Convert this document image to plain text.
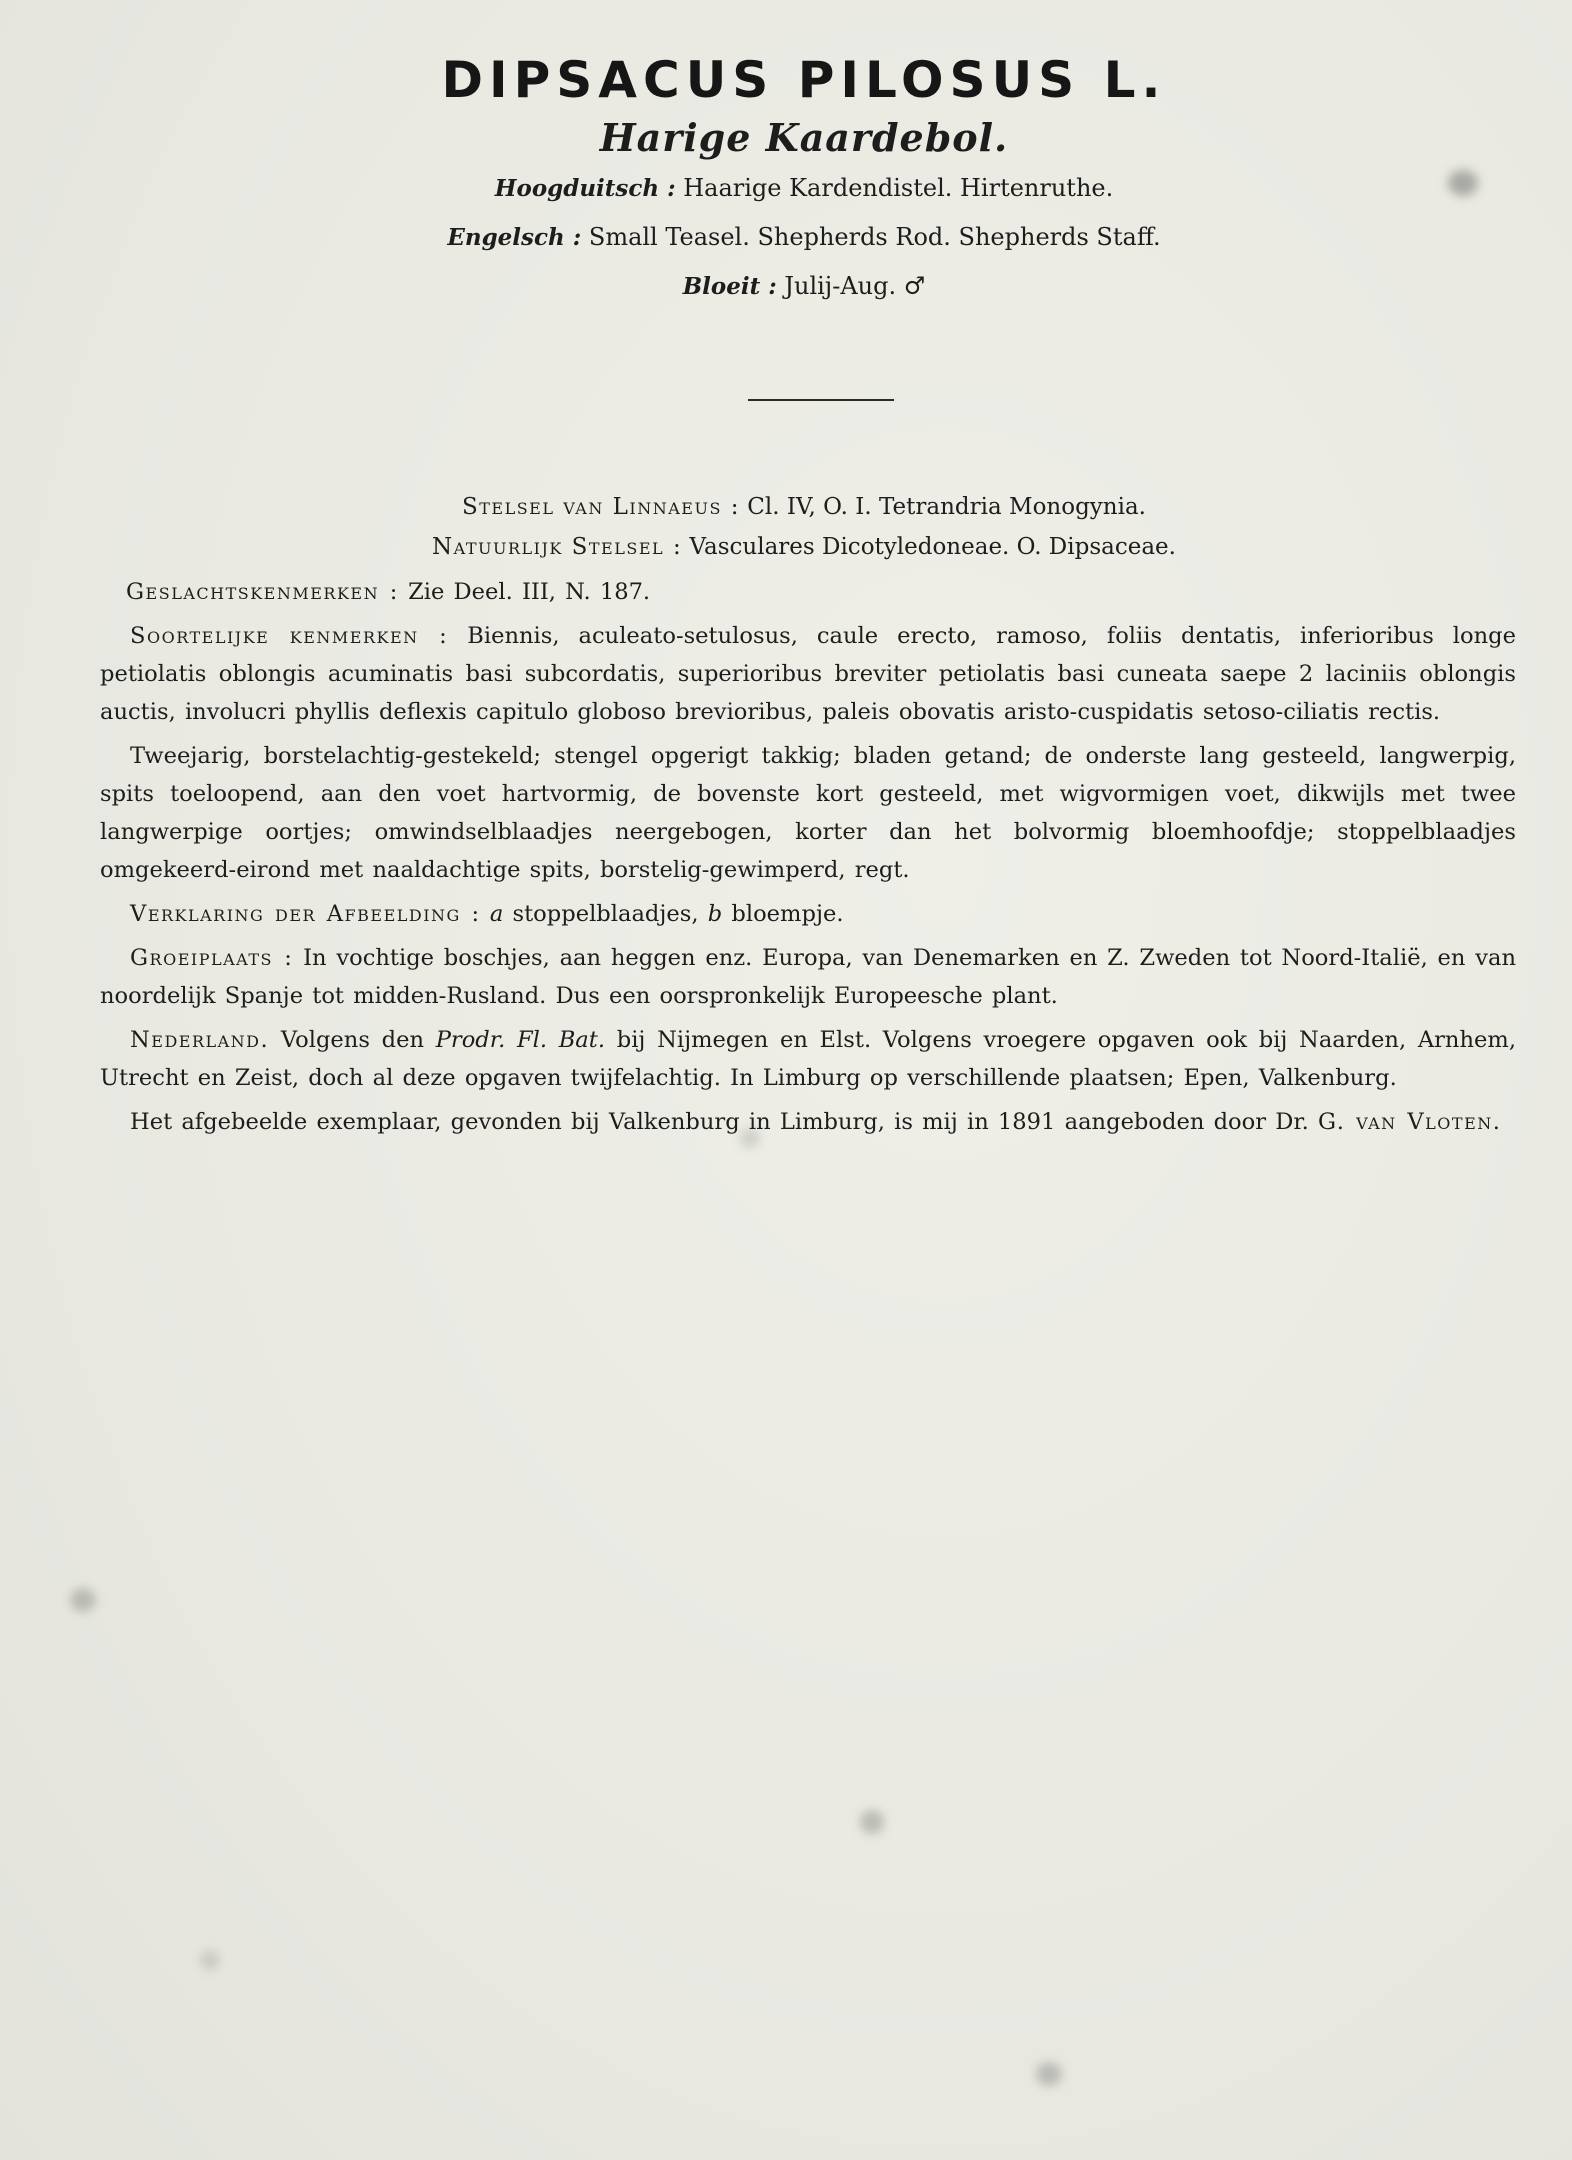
DIPSACUS PILOSUS L.

Harige Kaardebol.

Hoogduitsch : Haarige Kardendistel. Hirtenruthe.

Engelsch : Small Teasel. Shepherds Rod. Shepherds Staff.

Bloeit : Julij-Aug. ♂

Stelsel van Linnaeus : Cl. IV, O. I. Tetrandria Monogynia.
Natuurlijk Stelsel : Vasculares Dicotyledoneae. O. Dipsaceae.

Geslachtskenmerken : Zie Deel. III, N. 187.

Soortelijke kenmerken : Biennis, aculeato-setulosus, caule erecto, ramoso, foliis dentatis, inferioribus longe petiolatis oblongis acuminatis basi subcordatis, superioribus breviter petiolatis basi cuneata saepe 2 laciniis oblongis auctis, involucri phyllis deflexis capitulo globoso brevioribus, paleis obovatis aristo-cuspidatis setoso-ciliatis rectis.

Tweejarig, borstelachtig-gestekeld; stengel opgerigt takkig; bladen getand; de onderste lang gesteeld, langwerpig, spits toeloopend, aan den voet hartvormig, de bovenste kort gesteeld, met wigvormigen voet, dikwijls met twee langwerpige oortjes; omwindselblaadjes neergebogen, korter dan het bolvormig bloemhoofdje; stoppelblaadjes omgekeerd-eirond met naaldachtige spits, borstelig-gewimperd, regt.

Verklaring der Afbeelding : a stoppelblaadjes, b bloempje.

Groeiplaats : In vochtige boschjes, aan heggen enz. Europa, van Denemarken en Z. Zweden tot Noord-Italië, en van noordelijk Spanje tot midden-Rusland. Dus een oorspronkelijk Europeesche plant.

Nederland. Volgens den Prodr. Fl. Bat. bij Nijmegen en Elst. Volgens vroegere opgaven ook bij Naarden, Arnhem, Utrecht en Zeist, doch al deze opgaven twijfelachtig. In Limburg op verschillende plaatsen; Epen, Valkenburg.

Het afgebeelde exemplaar, gevonden bij Valkenburg in Limburg, is mij in 1891 aangeboden door Dr. G. van Vloten.
